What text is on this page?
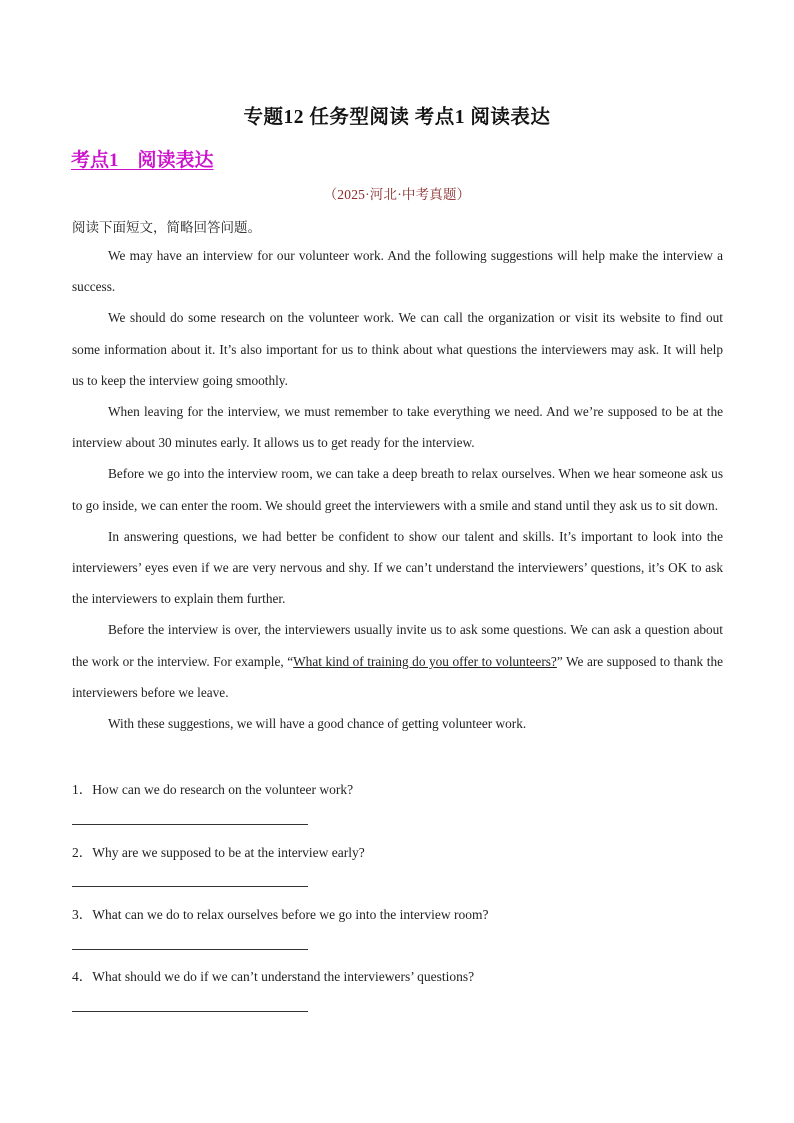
专题12 任务型阅读 考点1 阅读表达
考点1    阅读表达
（2025·河北·中考真题）
阅读下面短文，简略回答问题。

We may have an interview for our volunteer work. And the following suggestions will help make the interview a success.

We should do some research on the volunteer work. We can call the organization or visit its website to find out some information about it. It’s also important for us to think about what questions the interviewers may ask. It will help us to keep the interview going smoothly.

When leaving for the interview, we must remember to take everything we need. And we’re supposed to be at the interview about 30 minutes early. It allows us to get ready for the interview.

Before we go into the interview room, we can take a deep breath to relax ourselves. When we hear someone ask us to go inside, we can enter the room. We should greet the interviewers with a smile and stand until they ask us to sit down.

In answering questions, we had better be confident to show our talent and skills. It’s important to look into the interviewers’ eyes even if we are very nervous and shy. If we can’t understand the interviewers’ questions, it’s OK to ask the interviewers to explain them further.

Before the interview is over, the interviewers usually invite us to ask some questions. We can ask a question about the work or the interview. For example, “What kind of training do you offer to volunteers?” We are supposed to thank the interviewers before we leave.

With these suggestions, we will have a good chance of getting volunteer work.

1．How can we do research on the volunteer work?
2．Why are we supposed to be at the interview early?
3．What can we do to relax ourselves before we go into the interview room?
4．What should we do if we can’t understand the interviewers’ questions?
